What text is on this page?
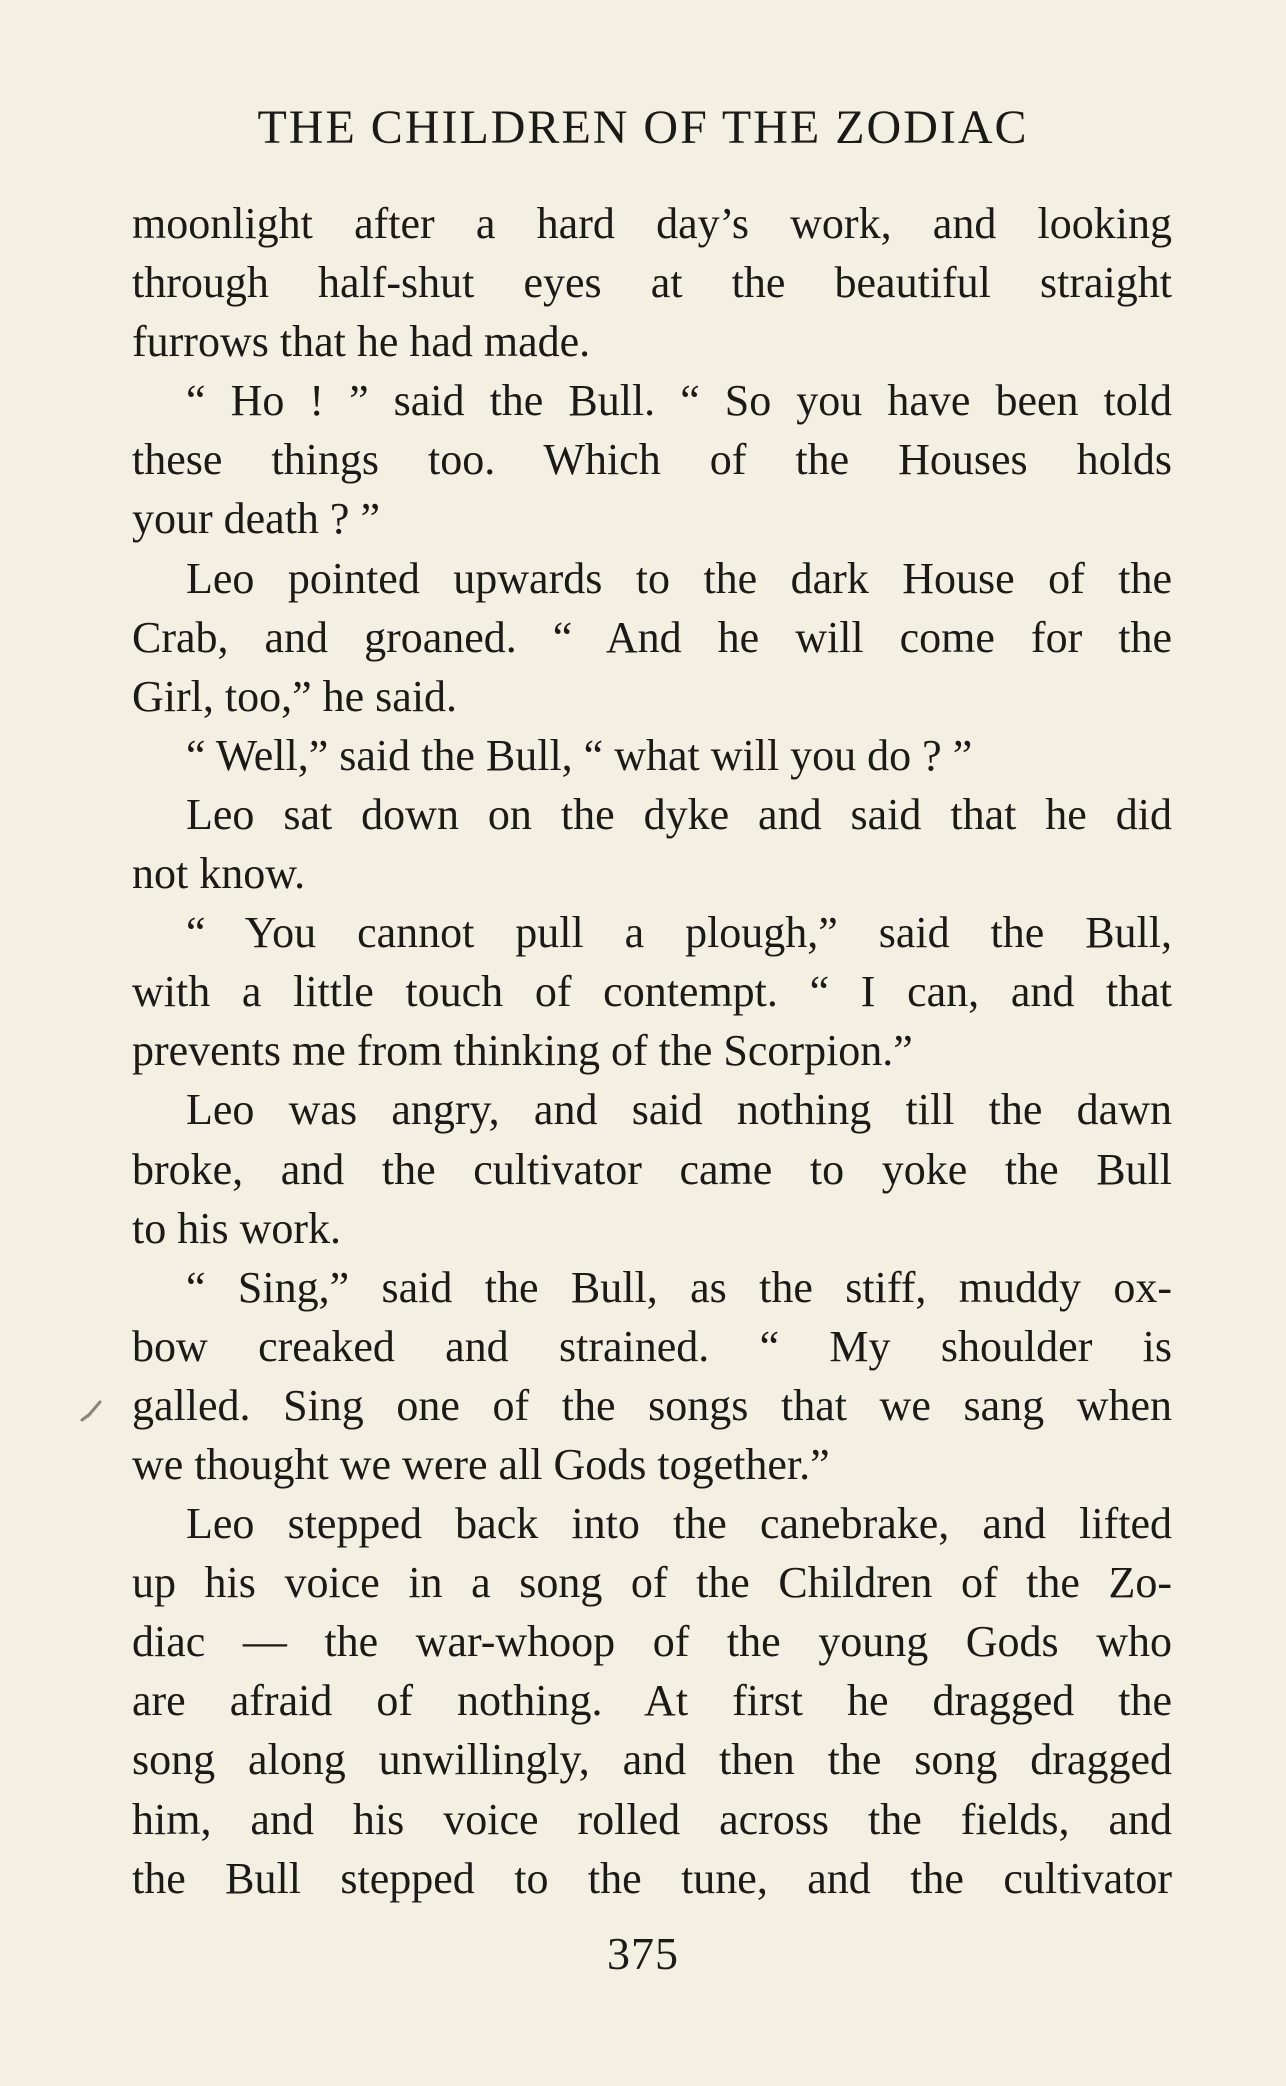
THE CHILDREN OF THE ZODIAC
moonlight after a hard day’s work, and looking
through half-shut eyes at the beautiful straight
furrows that he had made.
“ Ho ! ” said the Bull. “ So you have been told
these things too. Which of the Houses holds
your death ? ”
Leo pointed upwards to the dark House of the
Crab, and groaned. “ And he will come for the
Girl, too,” he said.
“ Well,” said the Bull, “ what will you do ? ”
Leo sat down on the dyke and said that he did
not know.
“ You cannot pull a plough,” said the Bull,
with a little touch of contempt. “ I can, and that
prevents me from thinking of the Scorpion.”
Leo was angry, and said nothing till the dawn
broke, and the cultivator came to yoke the Bull
to his work.
“ Sing,” said the Bull, as the stiff, muddy ox-
bow creaked and strained. “ My shoulder is
galled. Sing one of the songs that we sang when
we thought we were all Gods together.”
Leo stepped back into the canebrake, and lifted
up his voice in a song of the Children of the Zo-
diac — the war-whoop of the young Gods who
are afraid of nothing. At first he dragged the
song along unwillingly, and then the song dragged
him, and his voice rolled across the fields, and
the Bull stepped to the tune, and the cultivator
375
